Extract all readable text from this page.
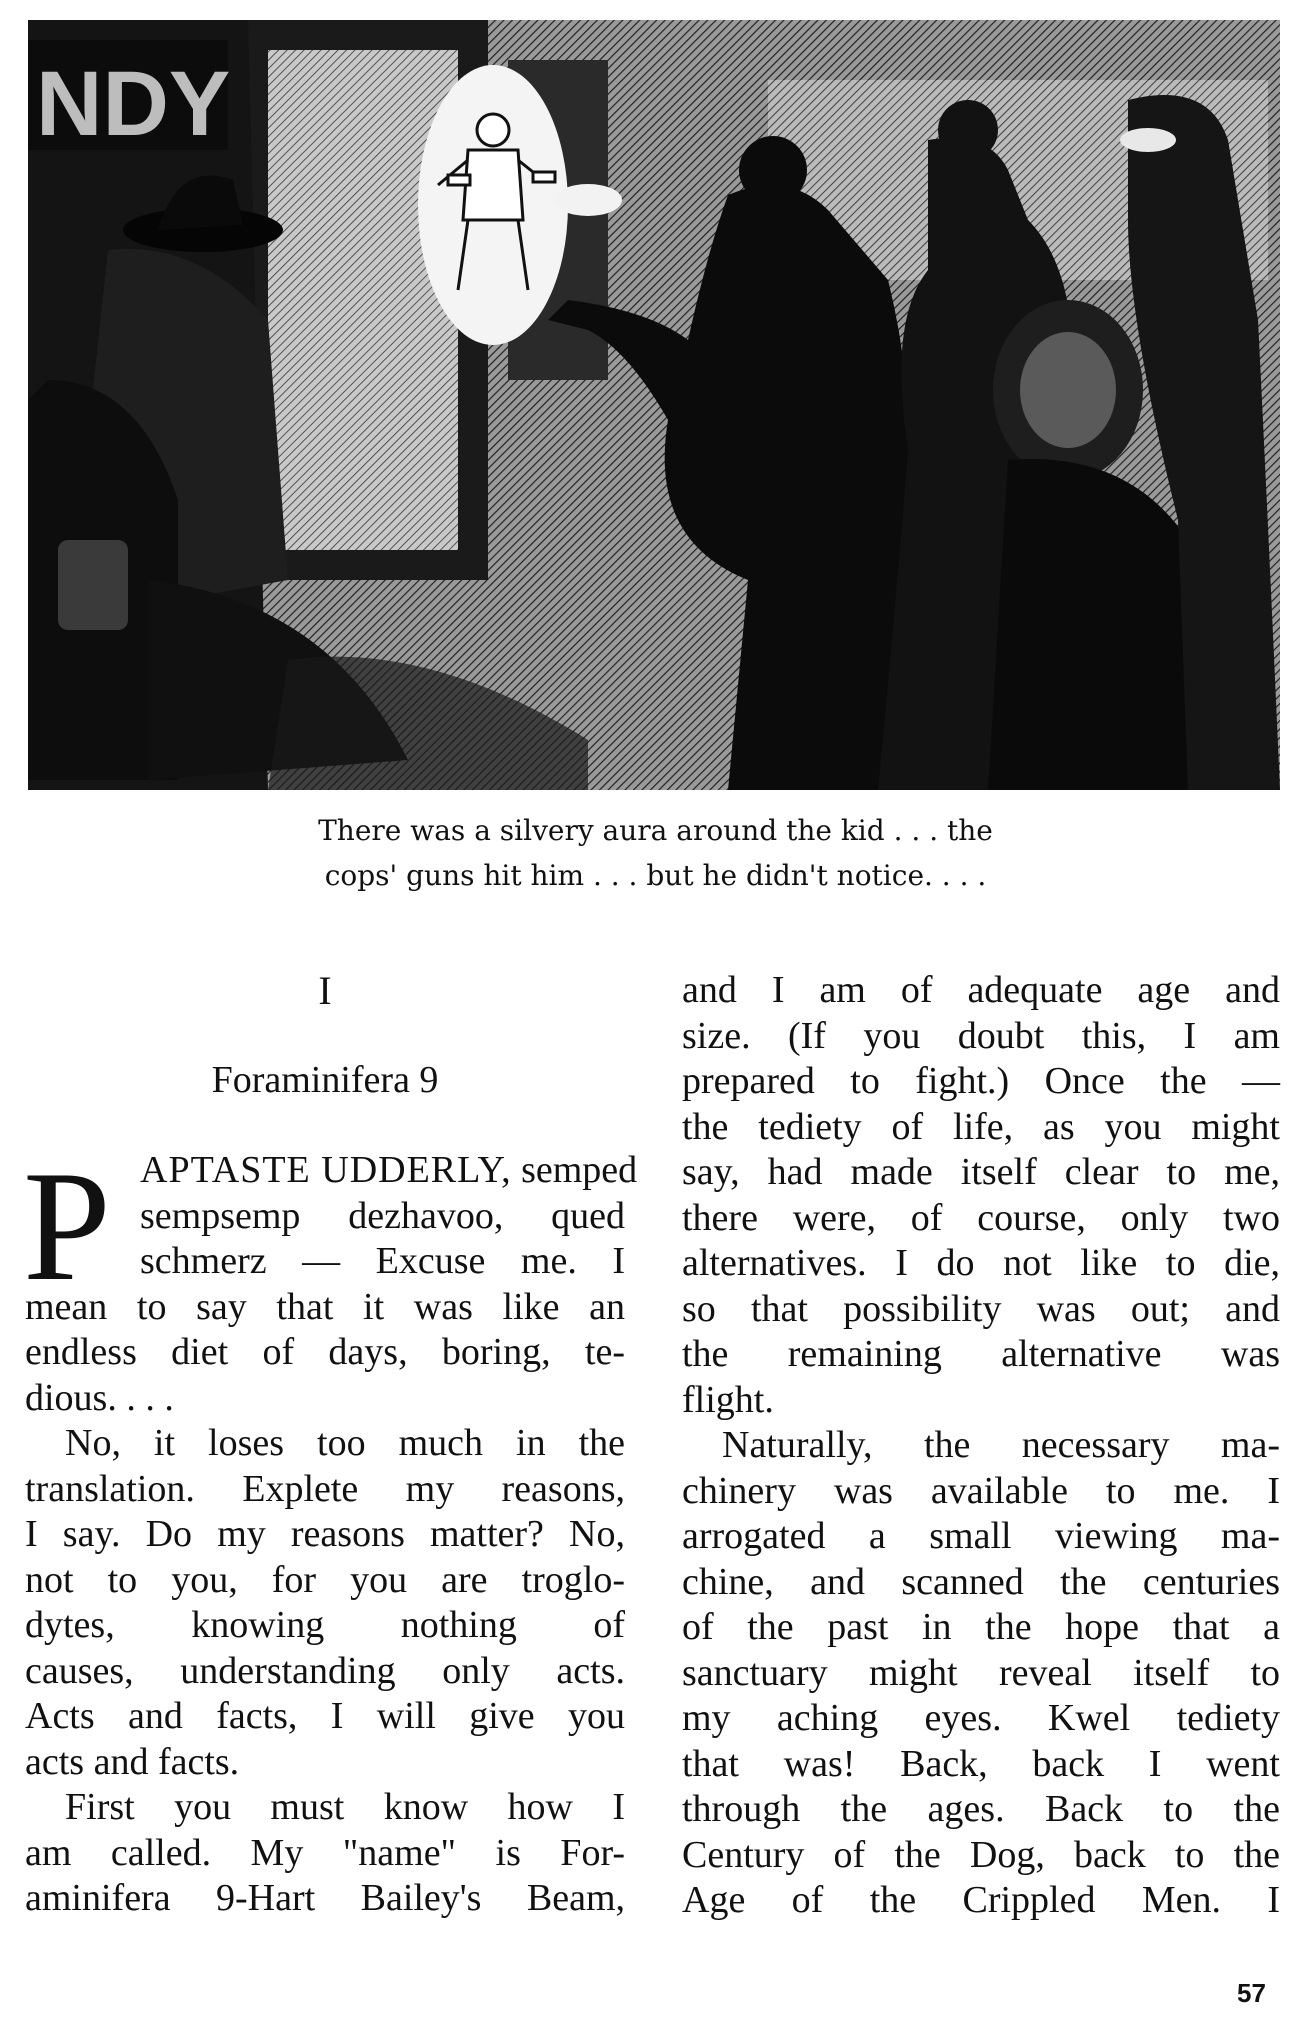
NDY
There was a silvery aura around the kid . . . the
cops' guns hit him . . . but he didn't notice. . . .
I
Foraminifera 9
P APTASTE UDDERLY, semped
sempsemp dezhavoo, qued
schmerz — Excuse me. I
mean to say that it was like an
endless diet of days, boring, te-
dious. . . .
No, it loses too much in the
translation. Explete my reasons,
I say. Do my reasons matter? No,
not to you, for you are troglo-
dytes, knowing nothing of
causes, understanding only acts.
Acts and facts, I will give you
acts and facts.
First you must know how I
am called. My "name" is For-
aminifera 9-Hart Bailey's Beam,
and I am of adequate age and
size. (If you doubt this, I am
prepared to fight.) Once the —
the tediety of life, as you might
say, had made itself clear to me,
there were, of course, only two
alternatives. I do not like to die,
so that possibility was out; and
the remaining alternative was
flight.
Naturally, the necessary ma-
chinery was available to me. I
arrogated a small viewing ma-
chine, and scanned the centuries
of the past in the hope that a
sanctuary might reveal itself to
my aching eyes. Kwel tediety
that was! Back, back I went
through the ages. Back to the
Century of the Dog, back to the
Age of the Crippled Men. I
57
